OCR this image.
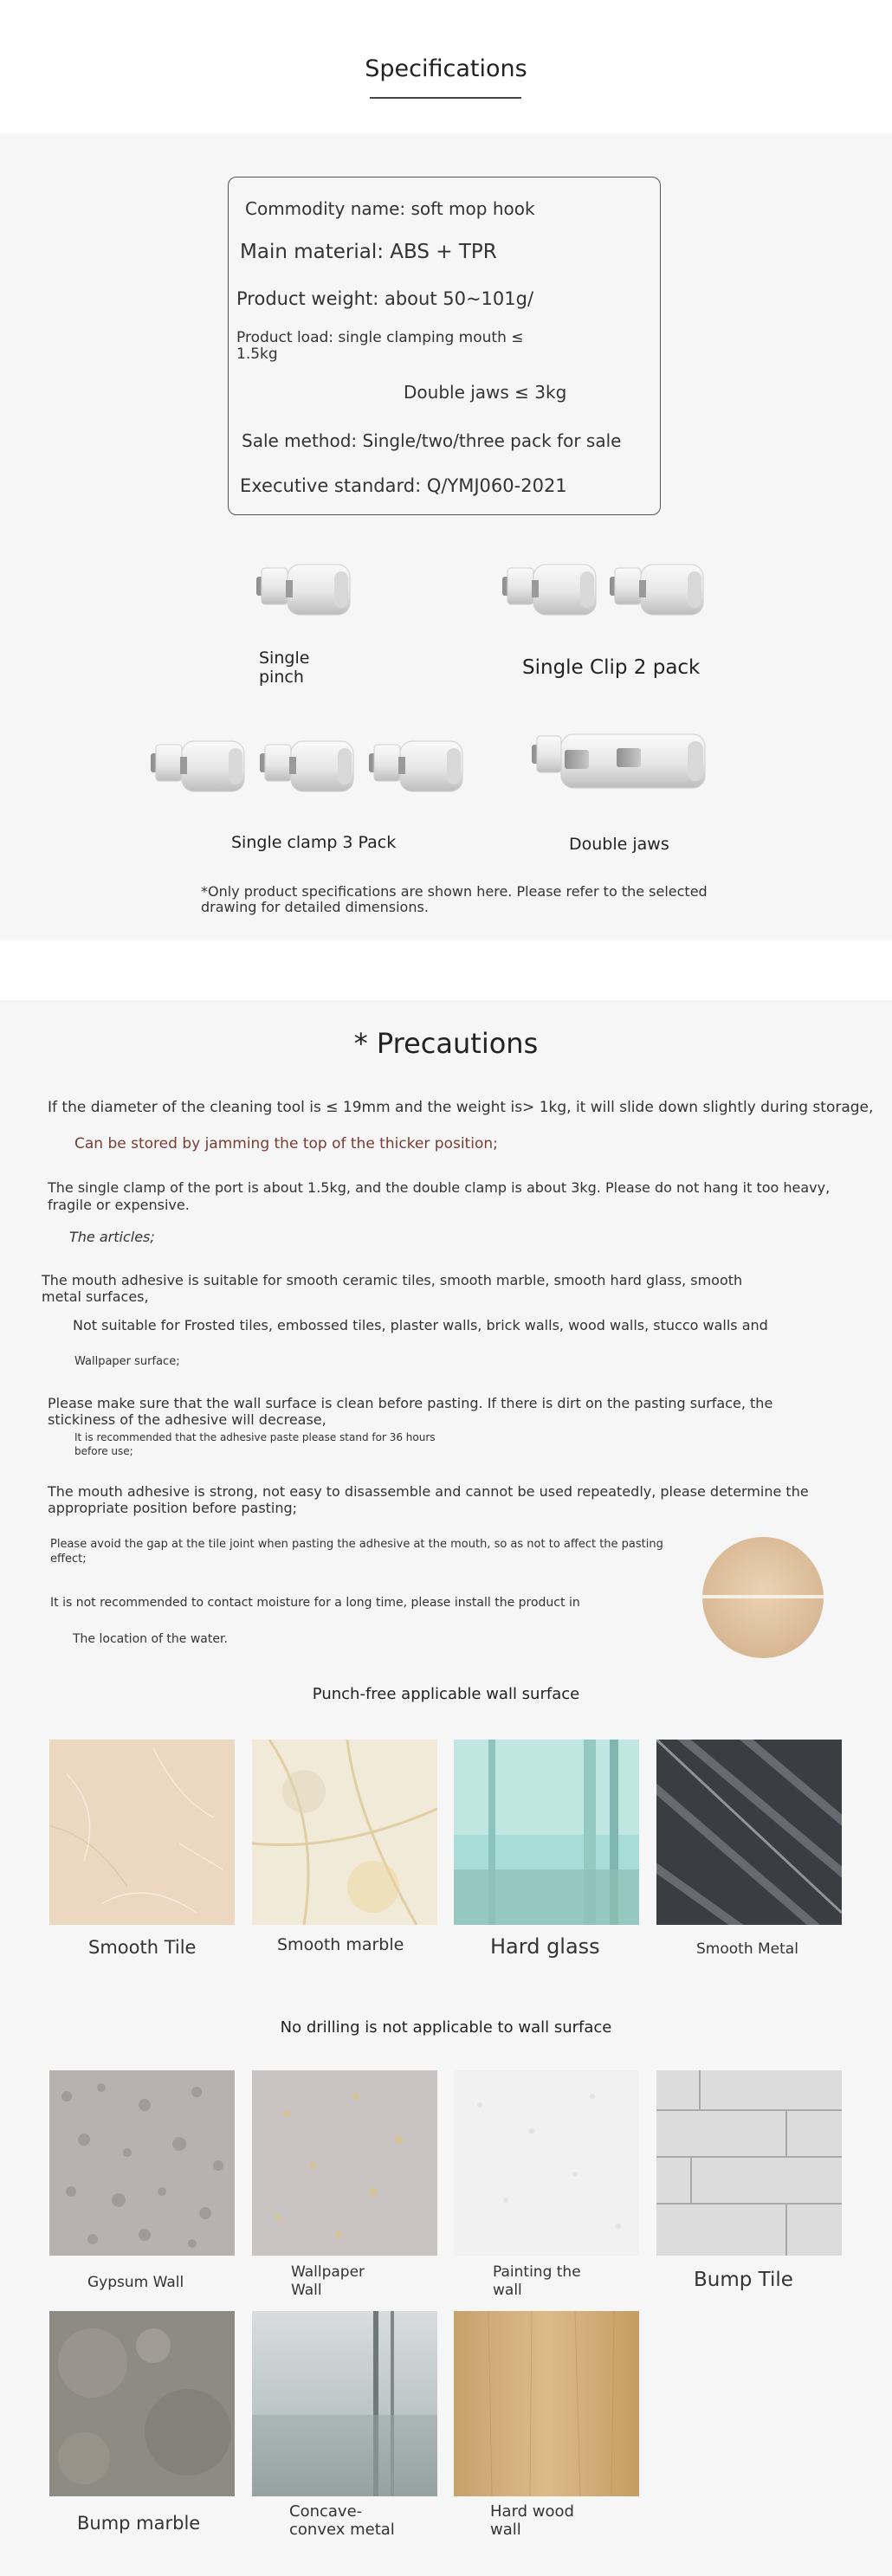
Specifications
Commodity name: soft mop hook
Main material: ABS + TPR
Product weight: about 50~101g/
Product load: single clamping mouth ≤
1.5kg
Double jaws ≤ 3kg
Sale method: Single/two/three pack for sale
Executive standard: Q/YMJ060-2021
Single
pinch	Single Clip 2 pack
Single clamp 3 Pack	Double jaws
*Only product specifications are shown here. Please refer to the selected
drawing for detailed dimensions.
* Precautions
If the diameter of the cleaning tool is ≤ 19mm and the weight is> 1kg, it will slide down slightly during storage,
Can be stored by jamming the top of the thicker position;
The single clamp of the port is about 1.5kg, and the double clamp is about 3kg. Please do not hang it too heavy,
fragile or expensive.
The articles;
The mouth adhesive is suitable for smooth ceramic tiles, smooth marble, smooth hard glass, smooth
metal surfaces,
Not suitable for Frosted tiles, embossed tiles, plaster walls, brick walls, wood walls, stucco walls and
Wallpaper surface;
Please make sure that the wall surface is clean before pasting. If there is dirt on the pasting surface, the
stickiness of the adhesive will decrease,
It is recommended that the adhesive paste please stand for 36 hours
before use;
The mouth adhesive is strong, not easy to disassemble and cannot be used repeatedly, please determine the
appropriate position before pasting;
Please avoid the gap at the tile joint when pasting the adhesive at the mouth, so as not to affect the pasting
effect;
It is not recommended to contact moisture for a long time, please install the product in
The location of the water.
Punch-free applicable wall surface
Smooth Tile	Smooth marble	Hard glass	Smooth Metal
No drilling is not applicable to wall surface
Gypsum Wall
Wallpaper
Wall
Painting the
wall	Bump Tile
Bump marble
Concave-
convex metal
Hard wood
wall
